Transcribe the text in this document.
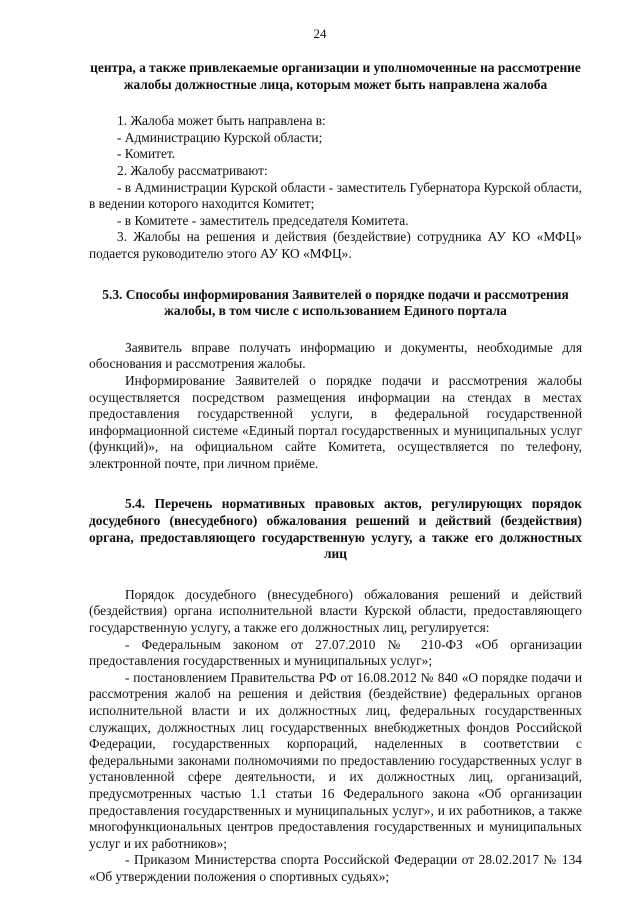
24

центра, а также привлекаемые организации и уполномоченные на рассмотрение жалобы должностные лица, которым может быть направлена жалоба

1. Жалоба может быть направлена в:

- Администрацию Курской области;

- Комитет.

2. Жалобу рассматривают:

- в Администрации Курской области - заместитель Губернатора Курской области, в ведении которого находится Комитет;

- в Комитете - заместитель председателя Комитета.

3. Жалобы на решения и действия (бездействие) сотрудника АУ КО «МФЦ» подается руководителю этого АУ КО «МФЦ».

5.3. Способы информирования Заявителей о порядке подачи и рассмотрения жалобы, в том числе с использованием Единого портала

Заявитель вправе получать информацию и документы, необходимые для обоснования и рассмотрения жалобы.

Информирование Заявителей о порядке подачи и рассмотрения жалобы осуществляется посредством размещения информации на стендах в местах предоставления государственной услуги, в федеральной государственной информационной системе «Единый портал государственных и муниципальных услуг (функций)», на официальном сайте Комитета, осуществляется по телефону, электронной почте, при личном приёме.

5.4. Перечень нормативных правовых актов, регулирующих порядок досудебного (внесудебного) обжалования решений и действий (бездействия) органа, предоставляющего государственную услугу, а также его должностных лиц

Порядок досудебного (внесудебного) обжалования решений и действий (бездействия) органа исполнительной власти Курской области, предоставляющего государственную услугу, а также его должностных лиц, регулируется:

- Федеральным законом от 27.07.2010 № 210-ФЗ «Об организации предоставления государственных и муниципальных услуг»;

- постановлением Правительства РФ от 16.08.2012 № 840 «О порядке подачи и рассмотрения жалоб на решения и действия (бездействие) федеральных органов исполнительной власти и их должностных лиц, федеральных государственных служащих, должностных лиц государственных внебюджетных фондов Российской Федерации, государственных корпораций, наделенных в соответствии с федеральными законами полномочиями по предоставлению государственных услуг в установленной сфере деятельности, и их должностных лиц, организаций, предусмотренных частью 1.1 статьи 16 Федерального закона «Об организации предоставления государственных и муниципальных услуг», и их работников, а также многофункциональных центров предоставления государственных и муниципальных услуг и их работников»;

- Приказом Министерства спорта Российской Федерации от 28.02.2017 № 134 «Об утверждении положения о спортивных судьях»;
